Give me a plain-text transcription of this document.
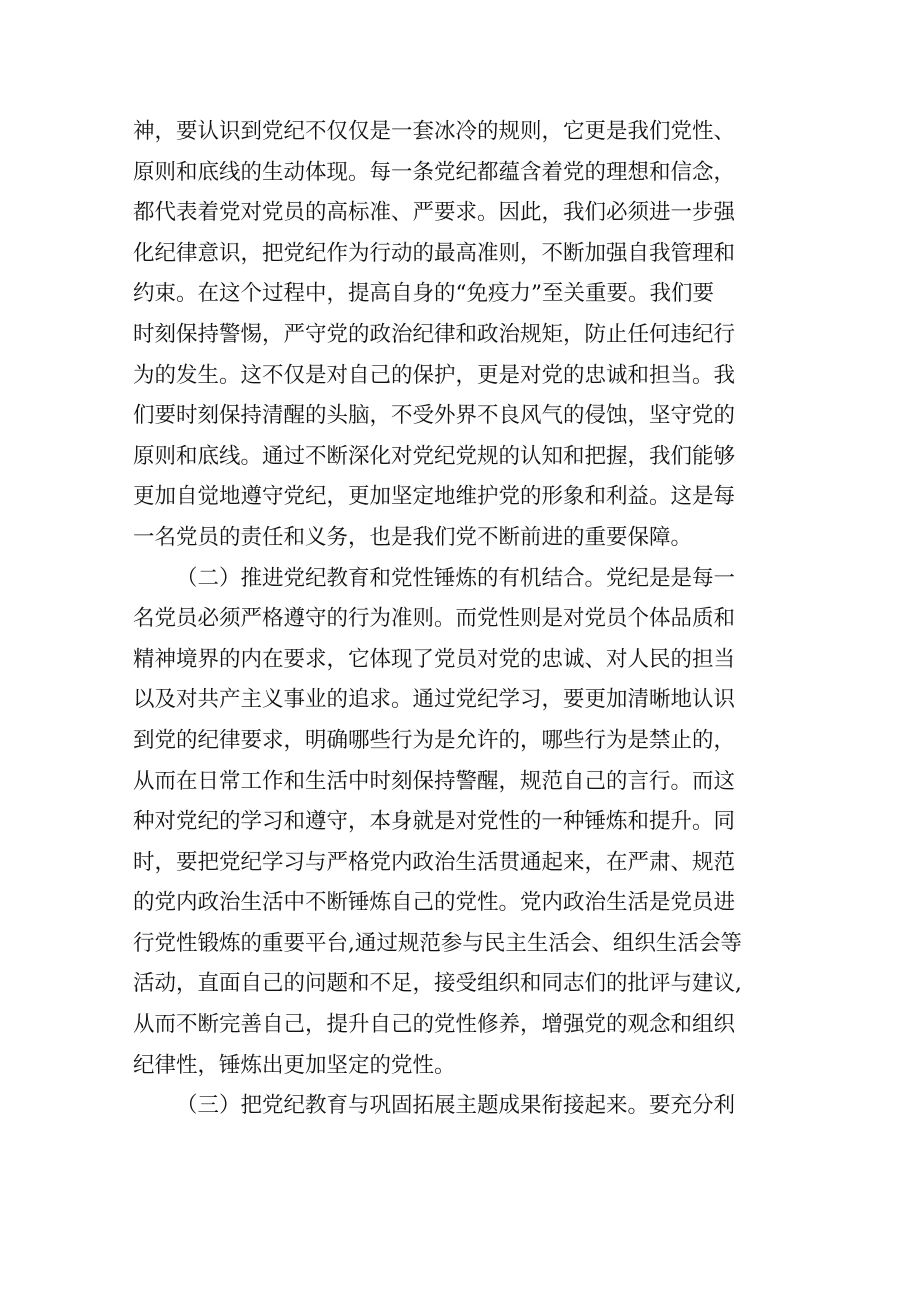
神，要认识到党纪不仅仅是一套冰冷的规则，它更是我们党性、
原则和底线的生动体现。每一条党纪都蕴含着党的理想和信念，
都代表着党对党员的高标准、严要求。因此，我们必须进一步强
化纪律意识，把党纪作为行动的最高准则，不断加强自我管理和
约束。在这个过程中，提高自身的“免疫力”至关重要。我们要
时刻保持警惕，严守党的政治纪律和政治规矩，防止任何违纪行
为的发生。这不仅是对自己的保护，更是对党的忠诚和担当。我
们要时刻保持清醒的头脑，不受外界不良风气的侵蚀，坚守党的
原则和底线。通过不断深化对党纪党规的认知和把握，我们能够
更加自觉地遵守党纪，更加坚定地维护党的形象和利益。这是每
一名党员的责任和义务，也是我们党不断前进的重要保障。
（二）推进党纪教育和党性锤炼的有机结合。党纪是是每一
名党员必须严格遵守的行为准则。而党性则是对党员个体品质和
精神境界的内在要求，它体现了党员对党的忠诚、对人民的担当
以及对共产主义事业的追求。通过党纪学习，要更加清晰地认识
到党的纪律要求，明确哪些行为是允许的，哪些行为是禁止的，
从而在日常工作和生活中时刻保持警醒，规范自己的言行。而这
种对党纪的学习和遵守，本身就是对党性的一种锤炼和提升。同
时，要把党纪学习与严格党内政治生活贯通起来，在严肃、规范
的党内政治生活中不断锤炼自己的党性。党内政治生活是党员进
行党性锻炼的重要平台,通过规范参与民主生活会、组织生活会等
活动，直面自己的问题和不足，接受组织和同志们的批评与建议,
从而不断完善自己，提升自己的党性修养，增强党的观念和组织
纪律性，锤炼出更加坚定的党性。
（三）把党纪教育与巩固拓展主题成果衔接起来。要充分利
